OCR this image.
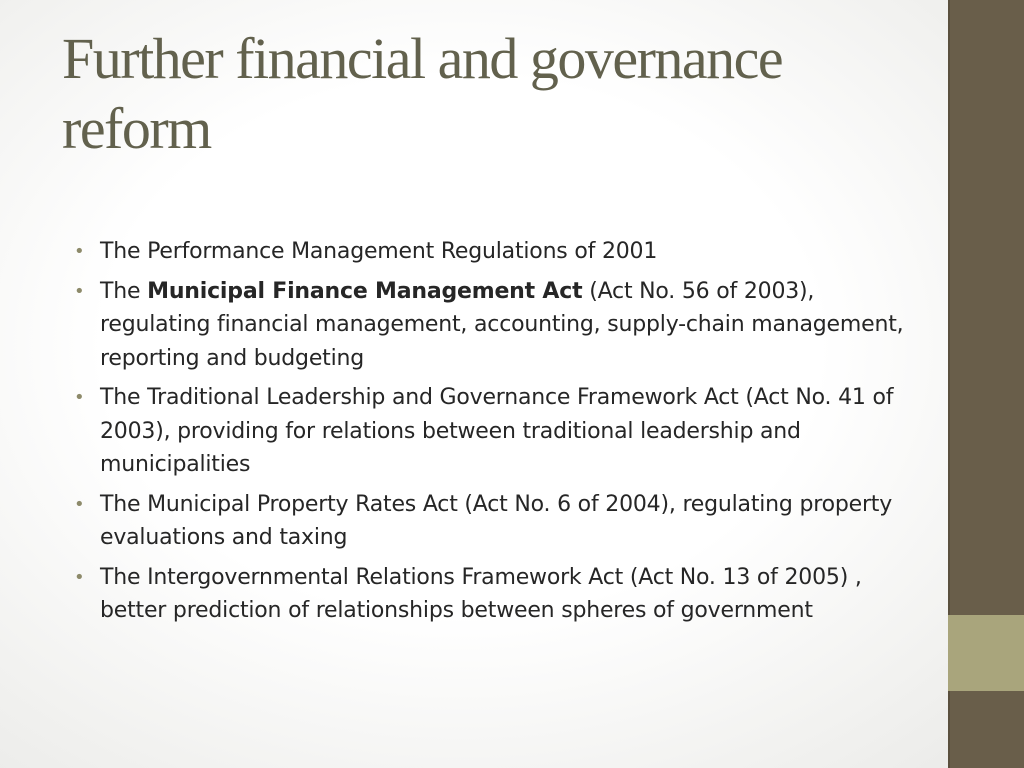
Further financial and governance reform
• The Performance Management Regulations of 2001
• The Municipal Finance Management Act (Act No. 56 of 2003), regulating financial management, accounting, supply-chain management, reporting and budgeting
• The Traditional Leadership and Governance Framework Act (Act No. 41 of 2003), providing for relations between traditional leadership and municipalities
• The Municipal Property Rates Act (Act No. 6 of 2004), regulating property evaluations and taxing
• The Intergovernmental Relations Framework Act (Act No. 13 of 2005) , better prediction of relationships between spheres of government
